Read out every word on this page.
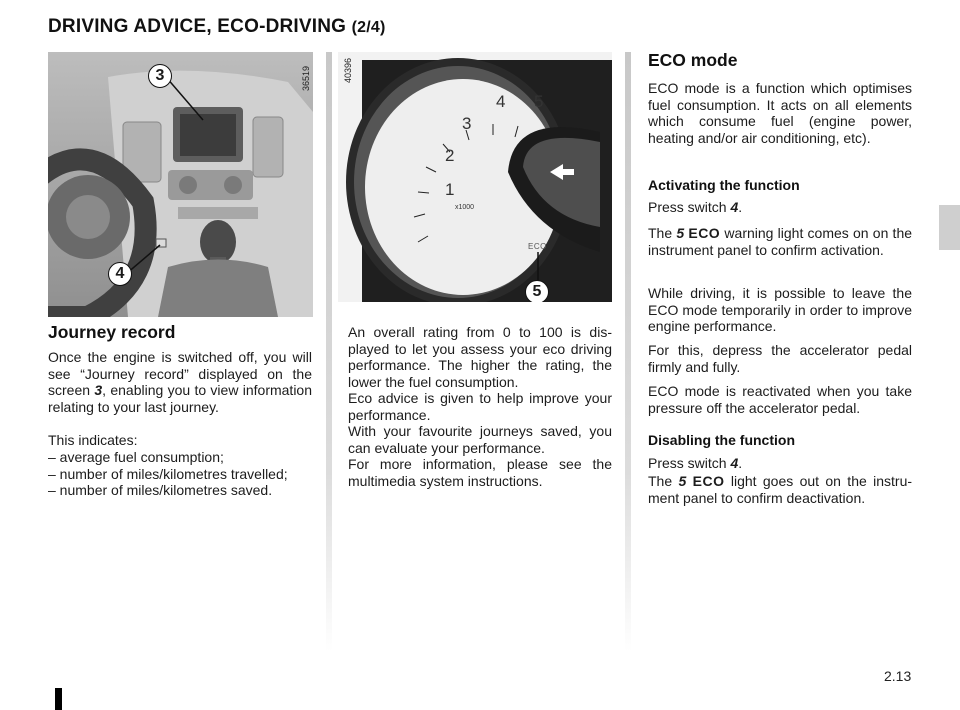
DRIVING ADVICE, ECO-DRIVING (2/4)
3
4
36519
1
2
3
4 5
x1000
ECO
5
40396
Journey record
Once the engine is switched off, you will see “Journey record” displayed on the screen 3, enabling you to view information relating to your last journey.
This indicates:
– average fuel consumption;
– number of miles/kilometres travelled;
– number of miles/kilometres saved.
An overall rating from 0 to 100 is displayed to let you assess your eco driving performance. The higher the rating, the lower the fuel consumption.
Eco advice is given to help improve your performance.
With your favourite journeys saved, you can evaluate your performance.
For more information, please see the multimedia system instructions.
ECO mode
ECO mode is a function which optimises fuel consumption. It acts on all elements which consume fuel (engine power, heating and/or air conditioning, etc).
Activating the function
Press switch 4.
The 5 ECO warning light comes on on the instrument panel to confirm activation.
While driving, it is possible to leave the ECO mode temporarily in order to improve engine performance.
For this, depress the accelerator pedal firmly and fully.
ECO mode is reactivated when you take pressure off the accelerator pedal.
Disabling the function
Press switch 4.
The 5 ECO light goes out on the instrument panel to confirm deactivation.
2.13
